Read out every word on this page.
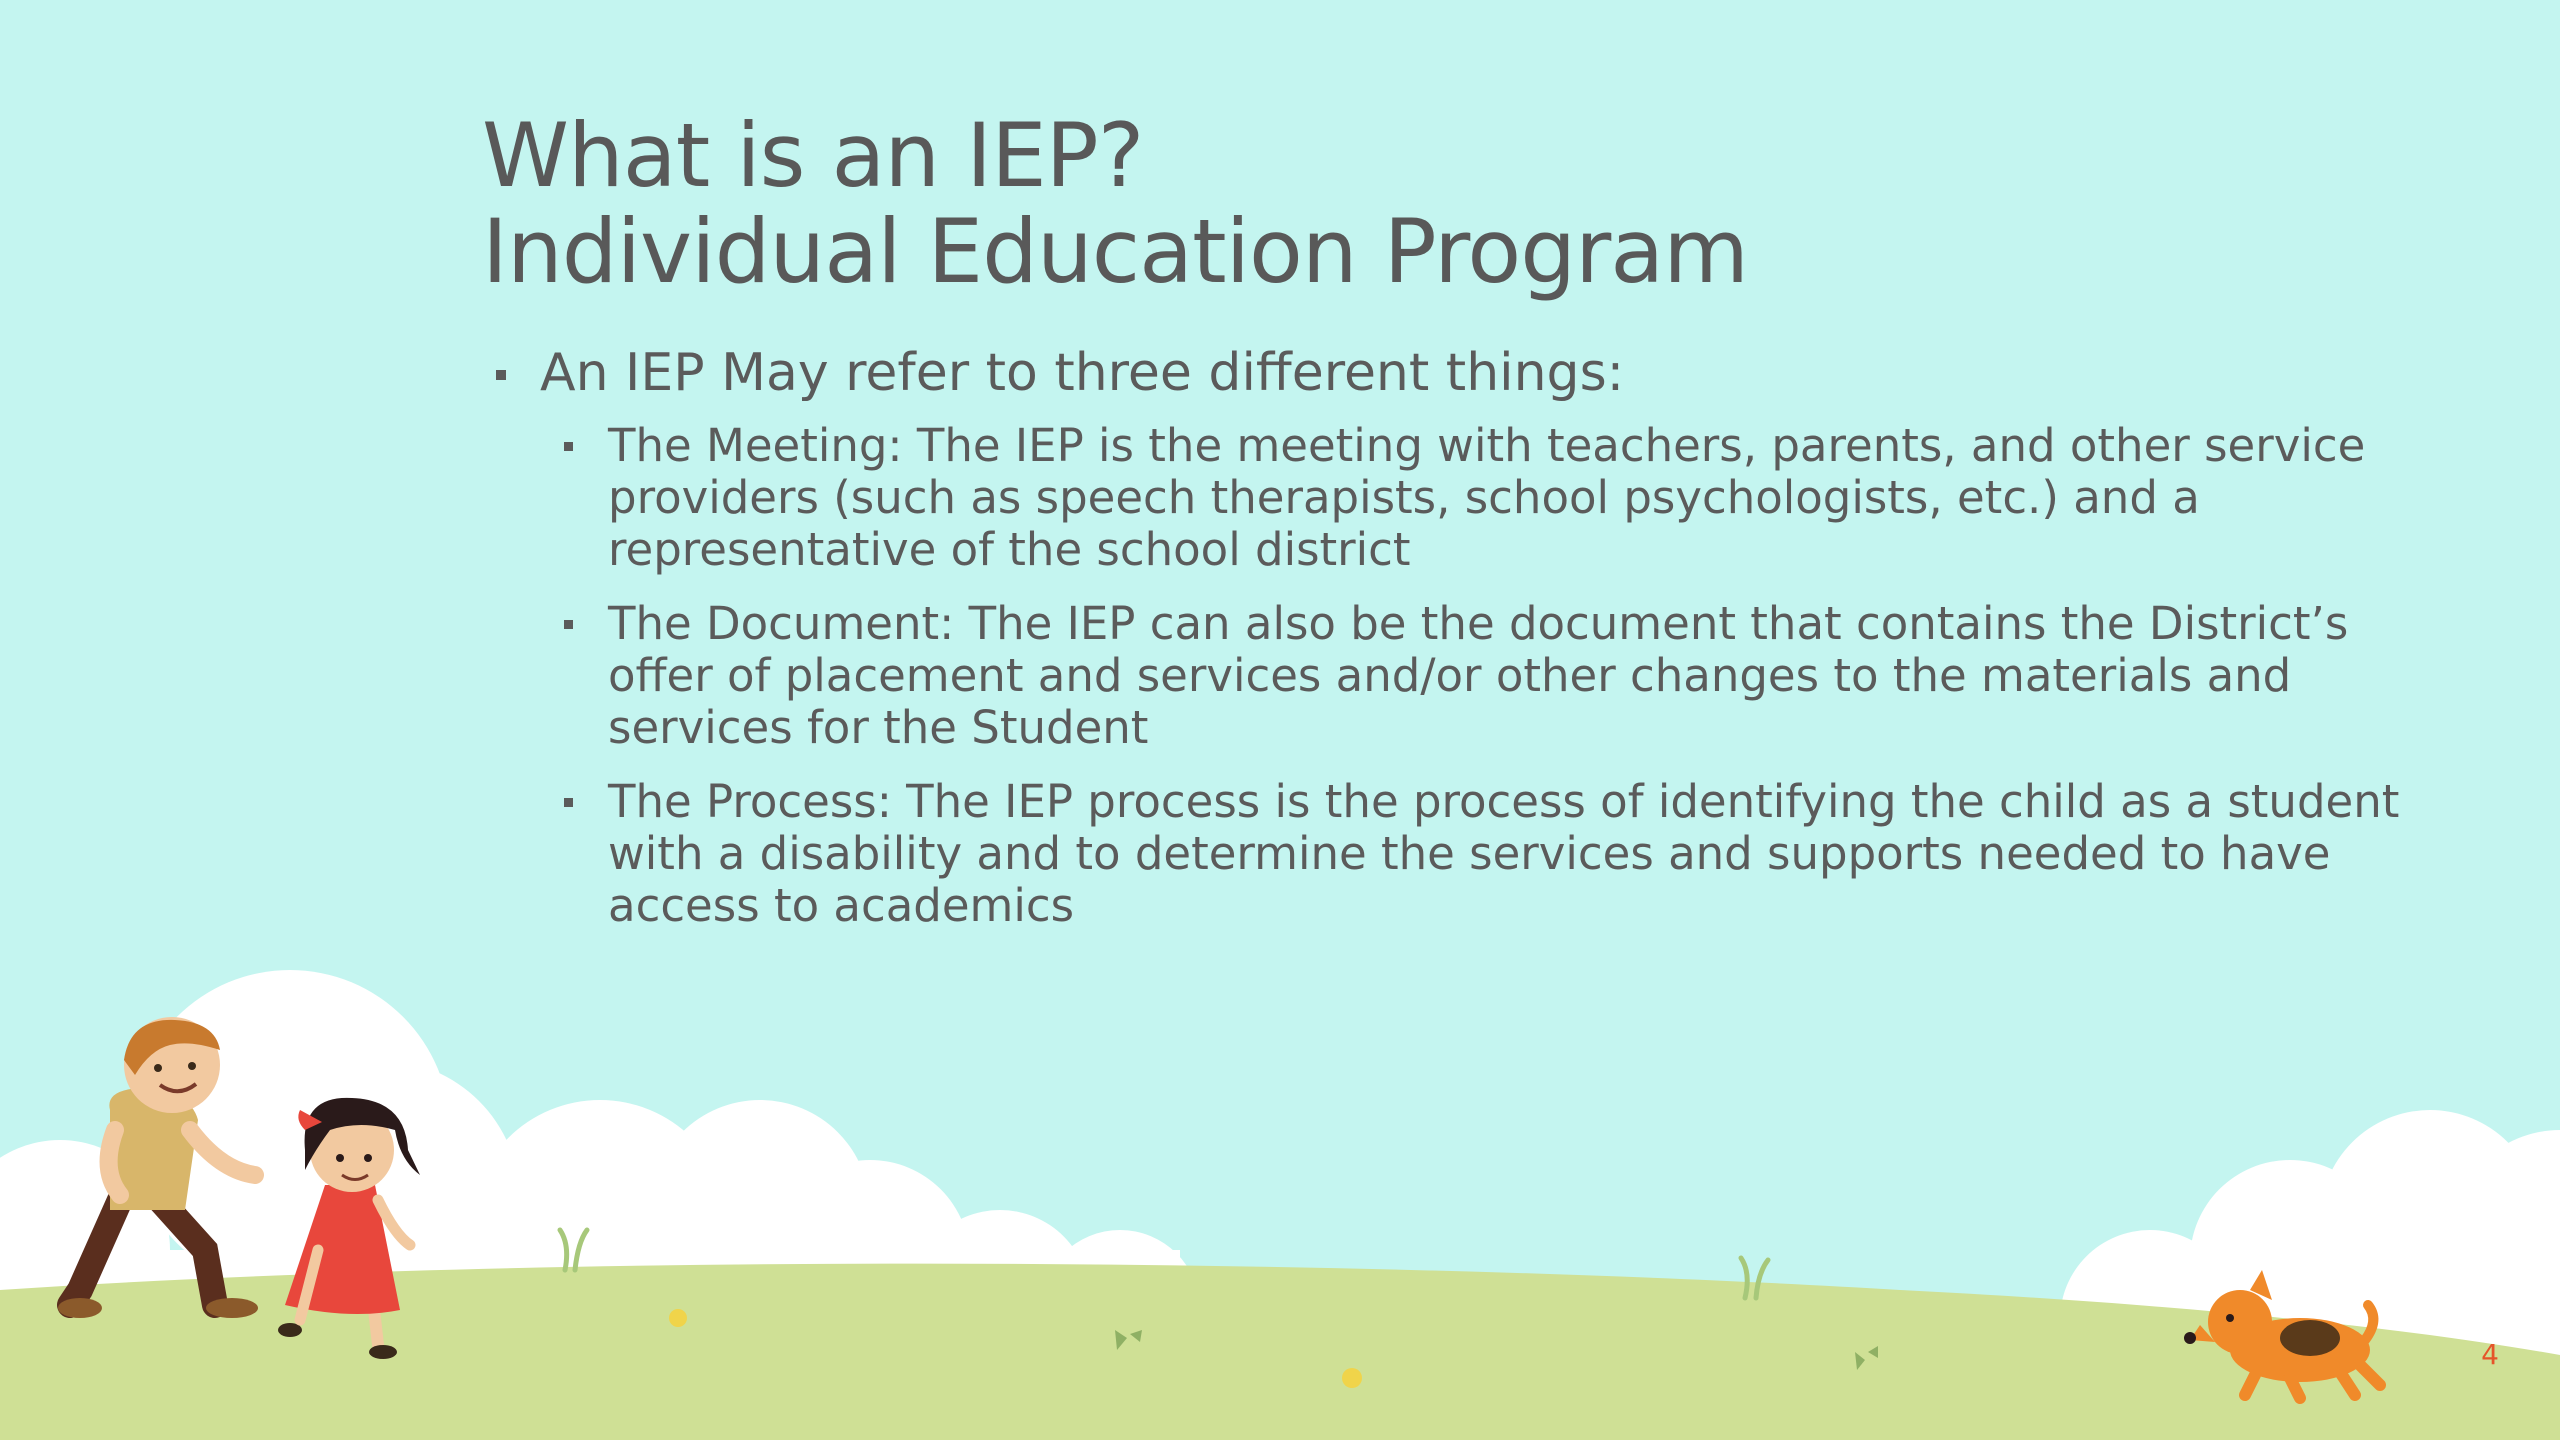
What is an IEP?
Individual Education Program
An IEP May refer to three different things:
The Meeting: The IEP is the meeting with teachers, parents, and other service providers (such as speech therapists, school psychologists, etc.) and a representative of the school district
The Document: The IEP can also be the document that contains the District’s offer of placement and services and/or other changes to the materials and services for the Student
The Process: The IEP process is the process of identifying the child as a student with a disability and to determine the services and supports needed to have access to academics
4
